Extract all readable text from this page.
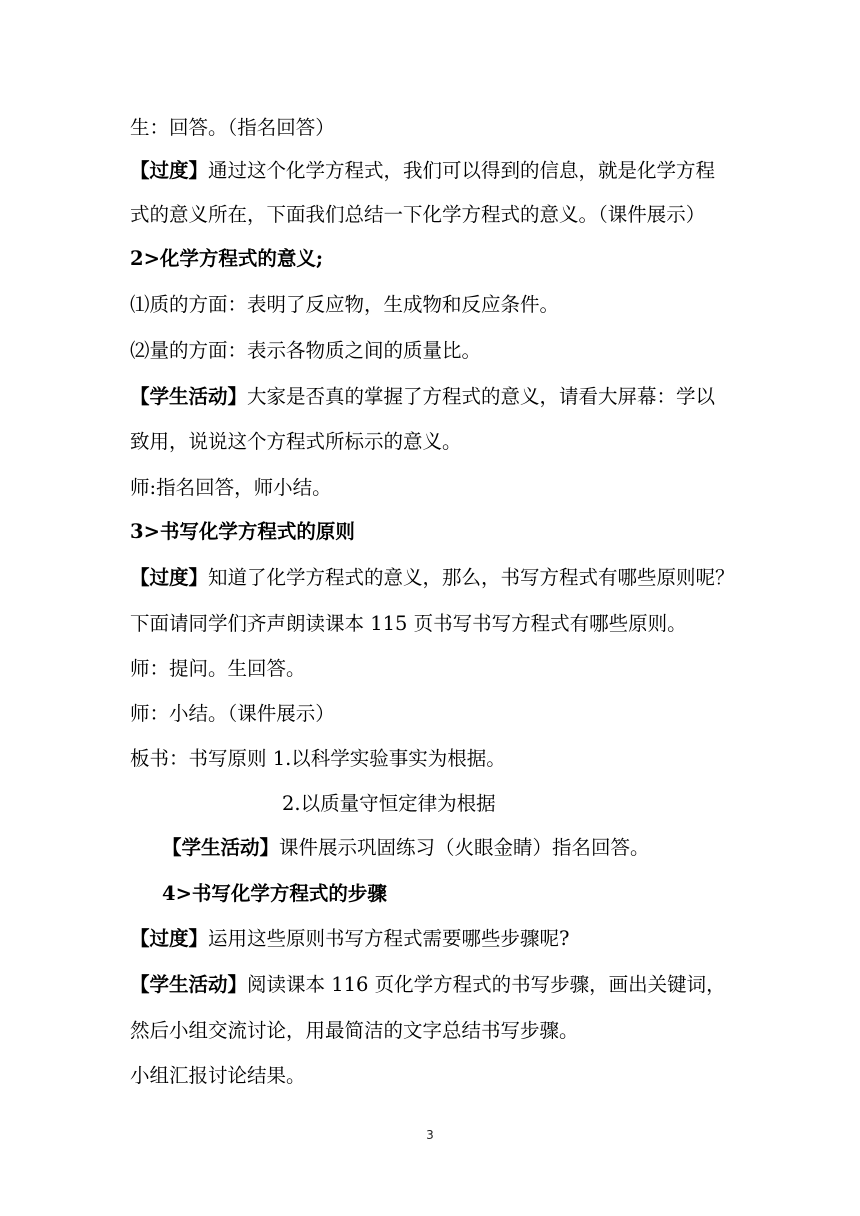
生：回答。（指名回答）
【过度】通过这个化学方程式，我们可以得到的信息，就是化学方程
式的意义所在，下面我们总结一下化学方程式的意义。（课件展示）
2>化学方程式的意义;
⑴质的方面：表明了反应物，生成物和反应条件。
⑵量的方面：表示各物质之间的质量比。
【学生活动】大家是否真的掌握了方程式的意义，请看大屏幕：学以
致用，说说这个方程式所标示的意义。
师:指名回答，师小结。
3>书写化学方程式的原则
【过度】知道了化学方程式的意义，那么，书写方程式有哪些原则呢？
下面请同学们齐声朗读课本 115 页书写书写方程式有哪些原则。
师：提问。生回答。
师：小结。（课件展示）
板书：书写原则 1.以科学实验事实为根据。
2.以质量守恒定律为根据
【学生活动】课件展示巩固练习（火眼金睛）指名回答。
4>书写化学方程式的步骤
【过度】运用这些原则书写方程式需要哪些步骤呢?
【学生活动】阅读课本 116 页化学方程式的书写步骤，画出关键词，
然后小组交流讨论，用最简洁的文字总结书写步骤。
小组汇报讨论结果。
3
